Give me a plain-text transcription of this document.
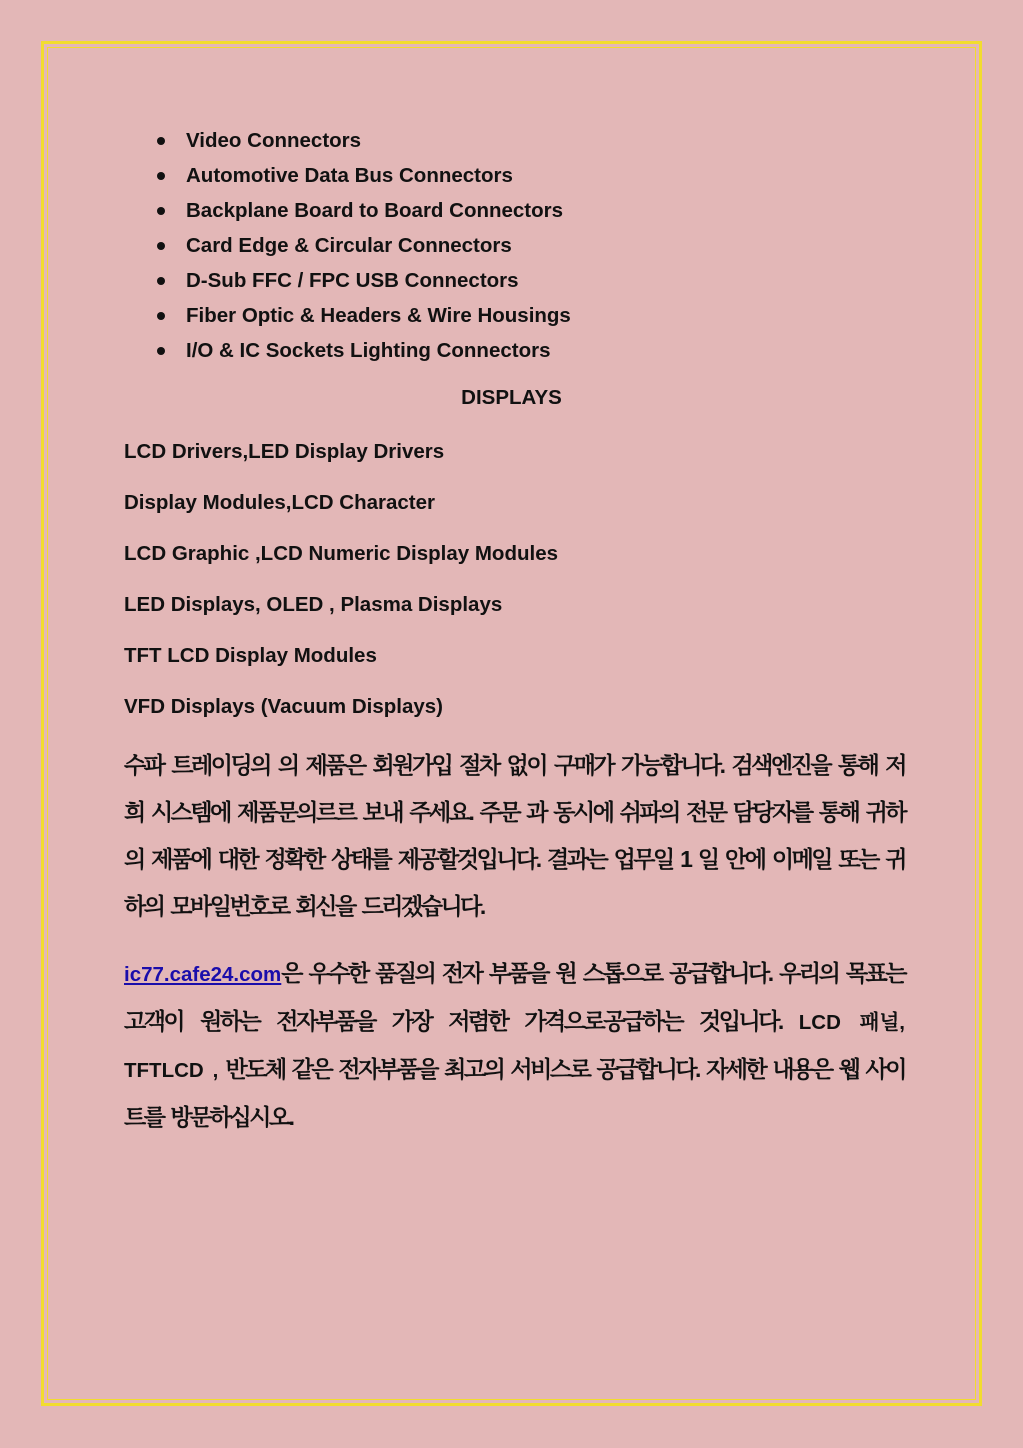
Video Connectors
Automotive Data Bus Connectors
Backplane Board to Board Connectors
Card Edge & Circular Connectors
D-Sub FFC / FPC USB Connectors
Fiber Optic & Headers & Wire Housings
I/O & IC Sockets Lighting Connectors
DISPLAYS
LCD Drivers,LED Display Drivers
Display Modules,LCD Character
LCD Graphic ,LCD Numeric Display Modules
LED Displays, OLED , Plasma Displays
TFT LCD Display Modules
VFD Displays (Vacuum Displays)
수파 트레이딩의 의 제품은 회원가입 절차 없이 구매가 가능합니다. 검색엔진을 통해 저희 시스템에 제품문의르르 보내 주세요. 주문 과 동시에 쉬파의 전문 담당자를 통해 귀하의 제품에 대한 정확한 상태를 제공할것입니다. 결과는 업무일 1 일 안에 이메일 또는 귀하의 모바일번호로 회신을 드리겠습니다.
ic77.cafe24.com은 우수한 품질의 전자 부품을 원 스톱으로 공급합니다. 우리의 목표는 고객이 원하는 전자부품을 가장 저렴한 가격으로공급하는 것입니다. LCD 패널, TFTLCD , 반도체 같은 전자부품을 최고의 서비스로 공급합니다. 자세한 내용은 웹 사이트를 방문하십시오.
